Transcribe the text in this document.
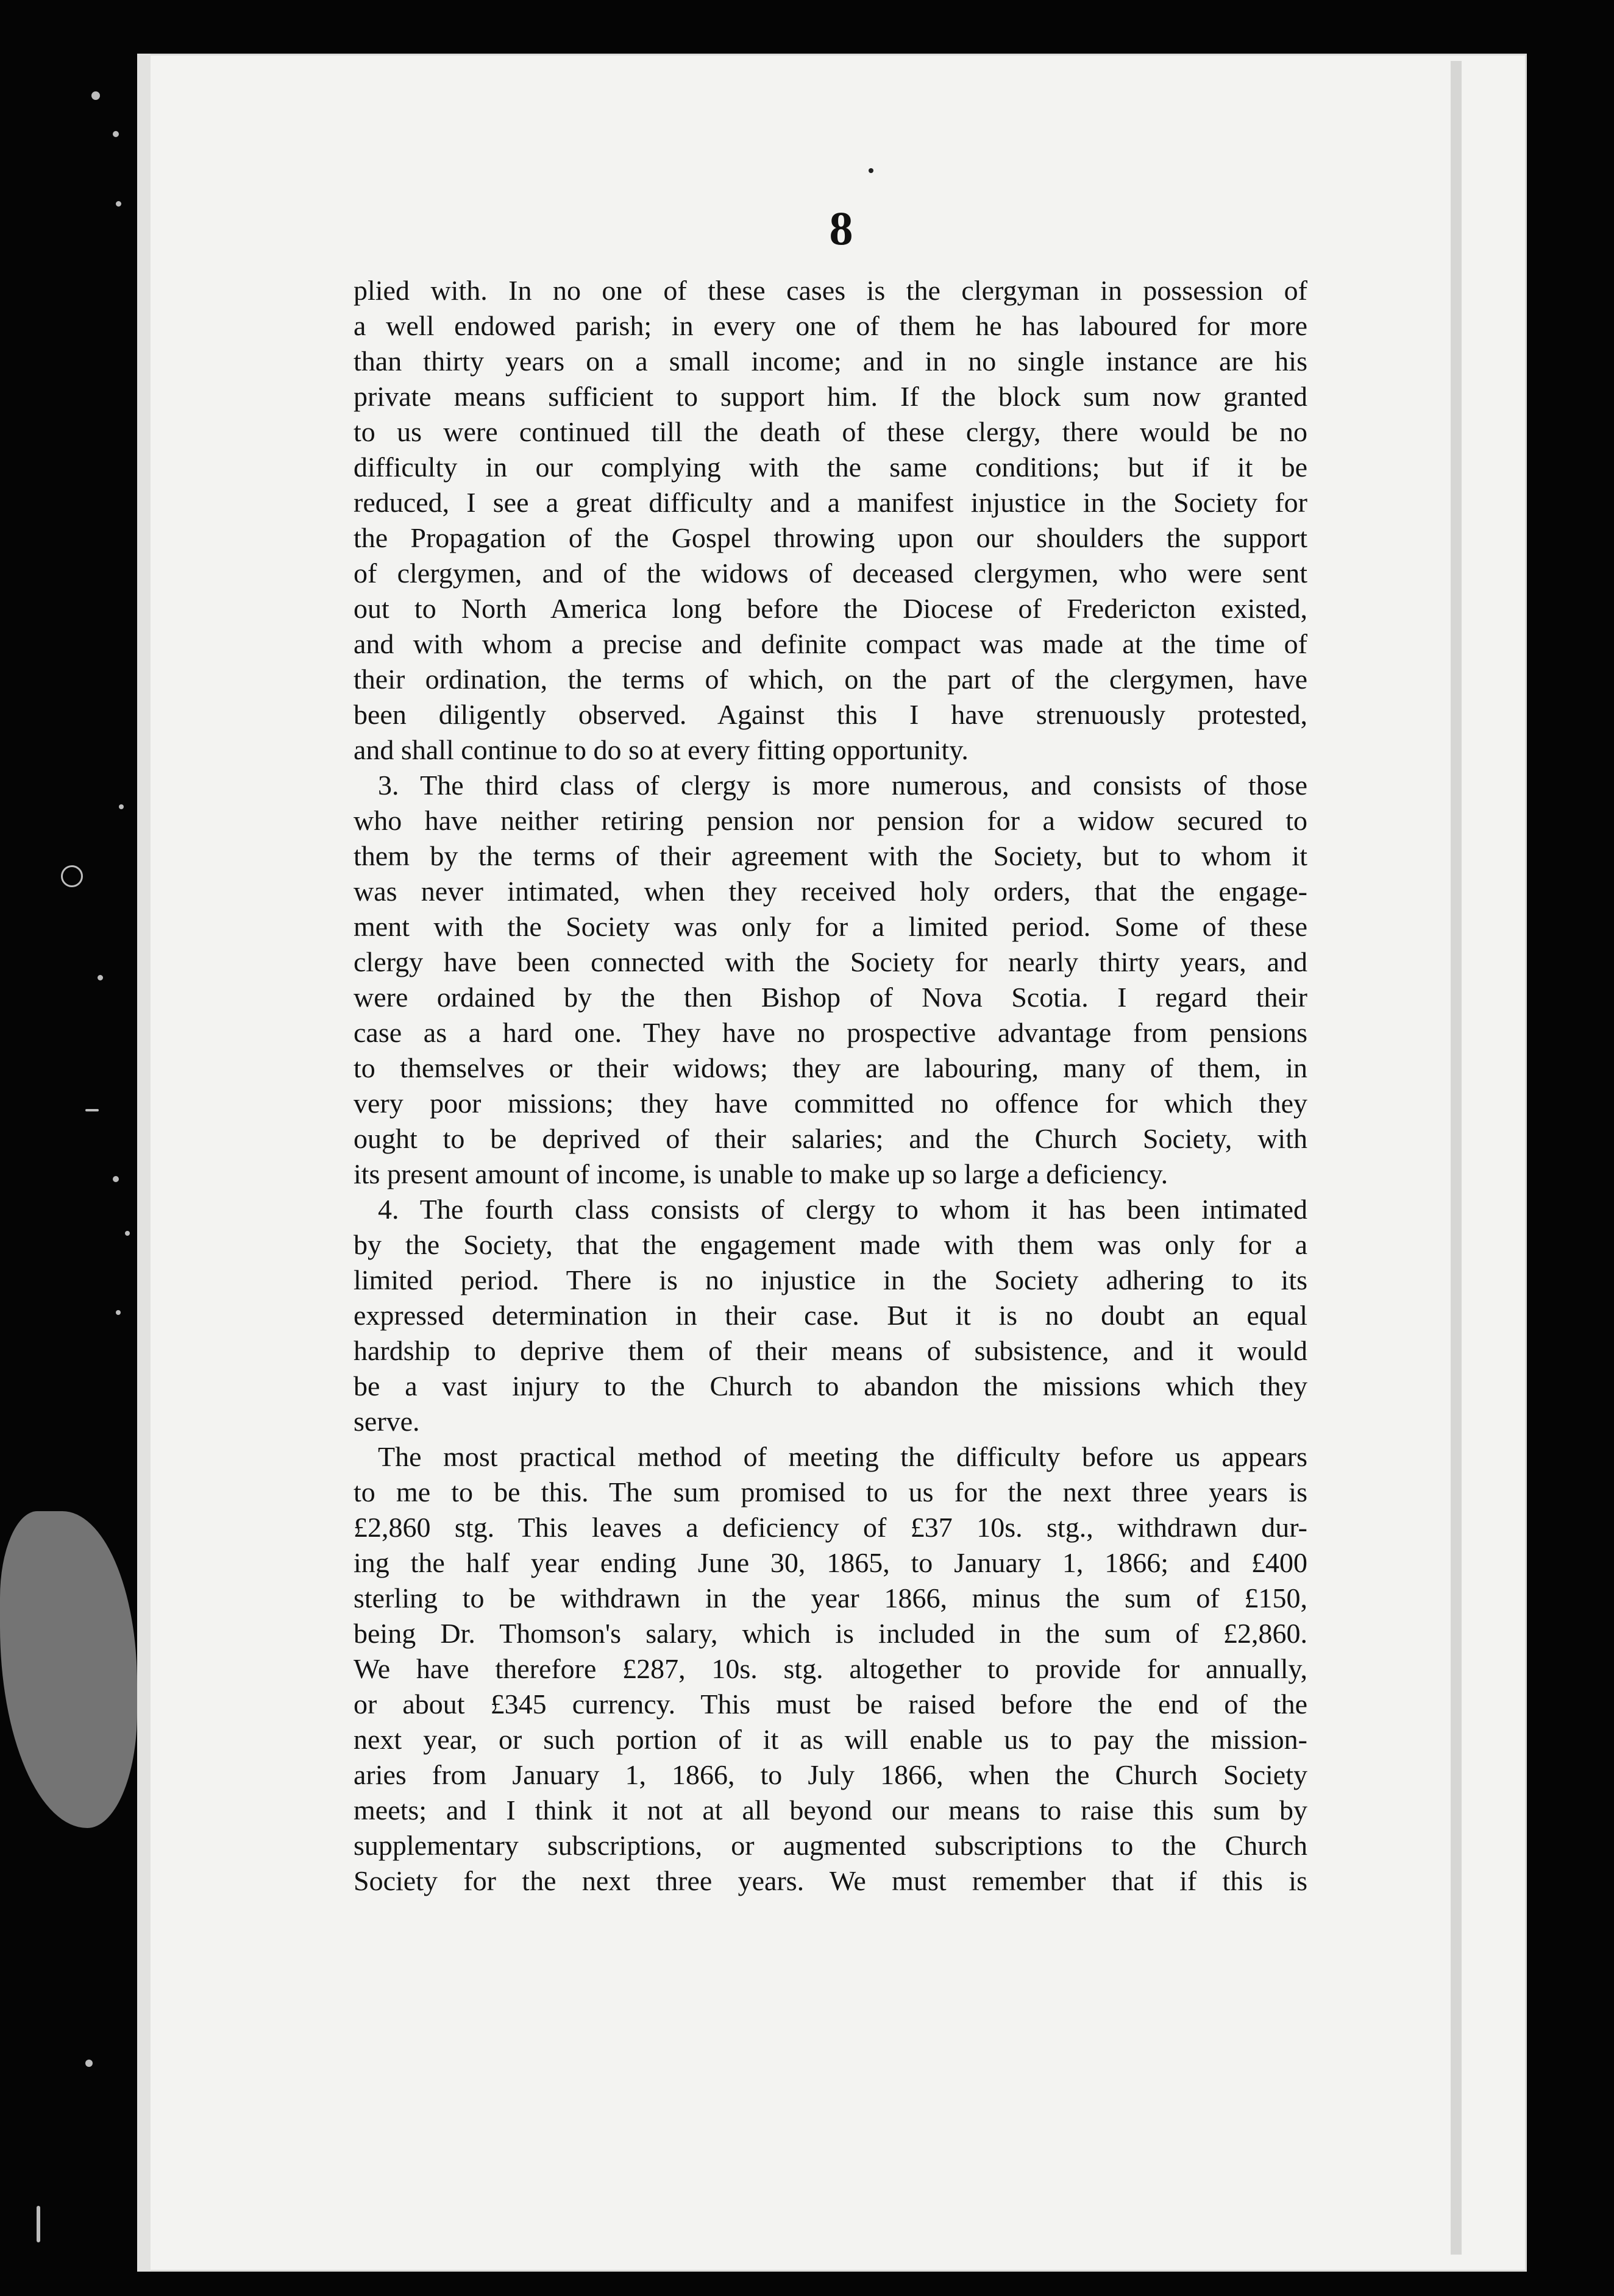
8
plied with. In no one of these cases is the clergyman in possession of
a well endowed parish; in every one of them he has laboured for more
than thirty years on a small income; and in no single instance are his
private means sufficient to support him. If the block sum now granted
to us were continued till the death of these clergy, there would be no
difficulty in our complying with the same conditions; but if it be
reduced, I see a great difficulty and a manifest injustice in the Society for
the Propagation of the Gospel throwing upon our shoulders the support
of clergymen, and of the widows of deceased clergymen, who were sent
out to North America long before the Diocese of Fredericton existed,
and with whom a precise and definite compact was made at the time of
their ordination, the terms of which, on the part of the clergymen, have
been diligently observed. Against this I have strenuously protested,
and shall continue to do so at every fitting opportunity.
3. The third class of clergy is more numerous, and consists of those
who have neither retiring pension nor pension for a widow secured to
them by the terms of their agreement with the Society, but to whom it
was never intimated, when they received holy orders, that the engage-
ment with the Society was only for a limited period. Some of these
clergy have been connected with the Society for nearly thirty years, and
were ordained by the then Bishop of Nova Scotia. I regard their
case as a hard one. They have no prospective advantage from pensions
to themselves or their widows; they are labouring, many of them, in
very poor missions; they have committed no offence for which they
ought to be deprived of their salaries; and the Church Society, with
its present amount of income, is unable to make up so large a deficiency.
4. The fourth class consists of clergy to whom it has been intimated
by the Society, that the engagement made with them was only for a
limited period. There is no injustice in the Society adhering to its
expressed determination in their case. But it is no doubt an equal
hardship to deprive them of their means of subsistence, and it would
be a vast injury to the Church to abandon the missions which they
serve.
The most practical method of meeting the difficulty before us appears
to me to be this. The sum promised to us for the next three years is
£2,860 stg. This leaves a deficiency of £37 10s. stg., withdrawn dur-
ing the half year ending June 30, 1865, to January 1, 1866; and £400
sterling to be withdrawn in the year 1866, minus the sum of £150,
being Dr. Thomson's salary, which is included in the sum of £2,860.
We have therefore £287, 10s. stg. altogether to provide for annually,
or about £345 currency. This must be raised before the end of the
next year, or such portion of it as will enable us to pay the mission-
aries from January 1, 1866, to July 1866, when the Church Society
meets; and I think it not at all beyond our means to raise this sum by
supplementary subscriptions, or augmented subscriptions to the Church
Society for the next three years. We must remember that if this is
